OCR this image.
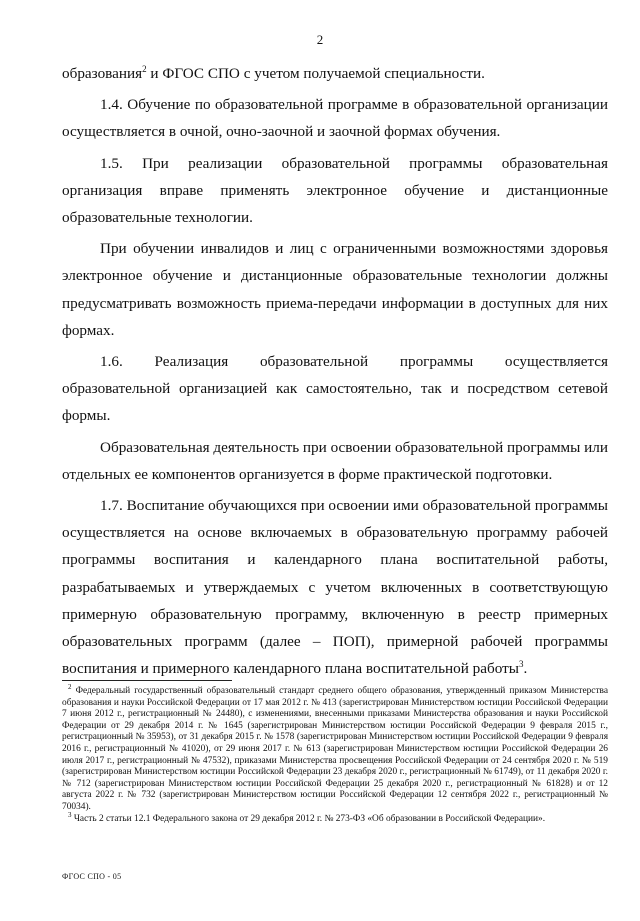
2

образования$^2$ и ФГОС СПО с учетом получаемой специальности.

1.4. Обучение по образовательной программе в образовательной организации осуществляется в очной, очно-заочной и заочной формах обучения.

1.5. При реализации образовательной программы образовательная организация вправе применять электронное обучение и дистанционные образовательные технологии.

При обучении инвалидов и лиц с ограниченными возможностями здоровья электронное обучение и дистанционные образовательные технологии должны предусматривать возможность приема-передачи информации в доступных для них формах.

1.6. Реализация образовательной программы осуществляется образовательной организацией как самостоятельно, так и посредством сетевой формы.

Образовательная деятельность при освоении образовательной программы или отдельных ее компонентов организуется в форме практической подготовки.

1.7. Воспитание обучающихся при освоении ими образовательной программы осуществляется на основе включаемых в образовательную программу рабочей программы воспитания и календарного плана воспитательной работы, разрабатываемых и утверждаемых с учетом включенных в соответствующую примерную образовательную программу, включенную в реестр примерных образовательных программ (далее – ПОП), примерной рабочей программы воспитания и примерного календарного плана воспитательной работы$^3$.

$^2$ Федеральный государственный образовательный стандарт среднего общего образования, утвержденный приказом Министерства образования и науки Российской Федерации от 17 мая 2012 г. № 413 (зарегистрирован Министерством юстиции Российской Федерации 7 июня 2012 г., регистрационный № 24480), с изменениями, внесенными приказами Министерства образования и науки Российской Федерации от 29 декабря 2014 г. № 1645 (зарегистрирован Министерством юстиции Российской Федерации 9 февраля 2015 г., регистрационный № 35953), от 31 декабря 2015 г. № 1578 (зарегистрирован Министерством юстиции Российской Федерации 9 февраля 2016 г., регистрационный № 41020), от 29 июня 2017 г. № 613 (зарегистрирован Министерством юстиции Российской Федерации 26 июля 2017 г., регистрационный № 47532), приказами Министерства просвещения Российской Федерации от 24 сентября 2020 г. № 519 (зарегистрирован Министерством юстиции Российской Федерации 23 декабря 2020 г., регистрационный № 61749), от 11 декабря 2020 г. № 712 (зарегистрирован Министерством юстиции Российской Федерации 25 декабря 2020 г., регистрационный № 61828) и от 12 августа 2022 г. № 732 (зарегистрирован Министерством юстиции Российской Федерации 12 сентября 2022 г., регистрационный № 70034).

$^3$ Часть 2 статьи 12.1 Федерального закона от 29 декабря 2012 г. № 273-ФЗ «Об образовании в Российской Федерации».

ФГОС СПО - 05
